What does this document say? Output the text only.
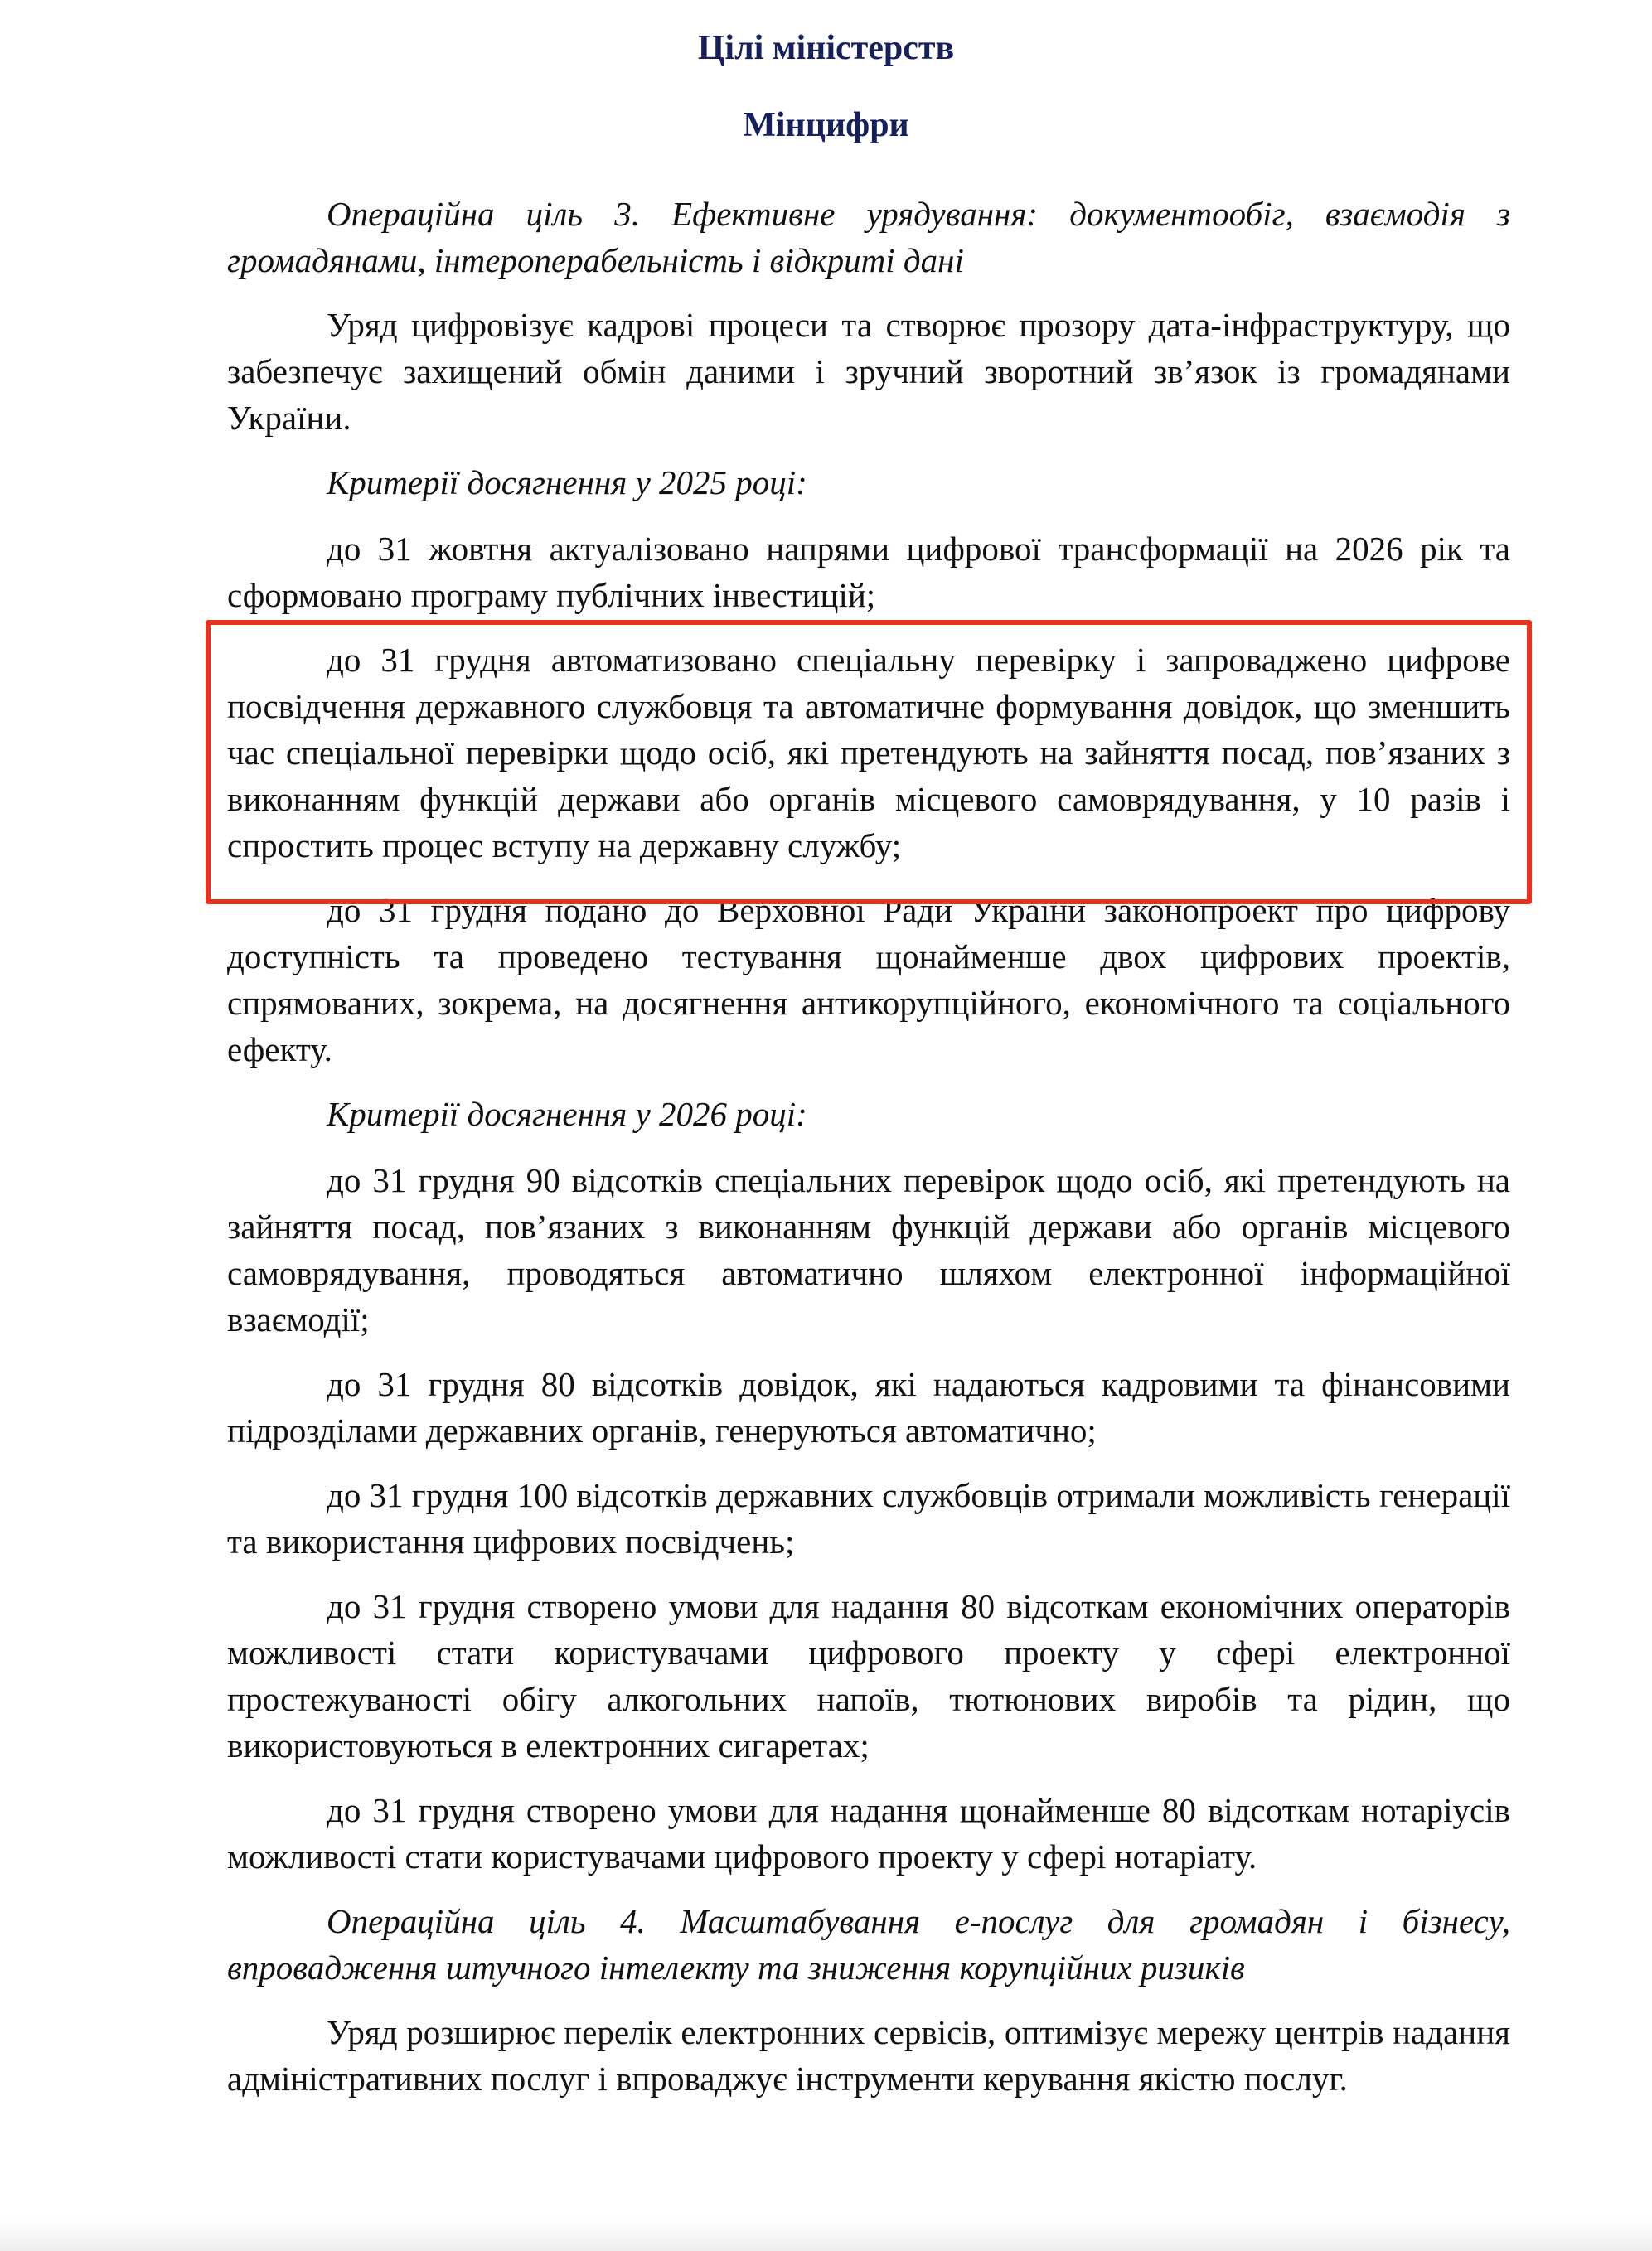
Цілі міністерств
Мінцифри

Операційна ціль 3. Ефективне урядування: документообіг, взаємодія з громадянами, інтероперабельність і відкриті дані

Уряд цифровізує кадрові процеси та створює прозору дата-інфраструктуру, що забезпечує захищений обмін даними і зручний зворотний зв’язок із громадянами України.

Критерії досягнення у 2025 році:

до 31 жовтня актуалізовано напрями цифрової трансформації на 2026 рік та сформовано програму публічних інвестицій;

до 31 грудня автоматизовано спеціальну перевірку і запроваджено цифрове посвідчення державного службовця та автоматичне формування довідок, що зменшить час спеціальної перевірки щодо осіб, які претендують на зайняття посад, пов’язаних з виконанням функцій держави або органів місцевого самоврядування, у 10 разів і спростить процес вступу на державну службу;

до 31 грудня подано до Верховної Ради України законопроект про цифрову доступність та проведено тестування щонайменше двох цифрових проектів, спрямованих, зокрема, на досягнення антикорупційного, економічного та соціального ефекту.

Критерії досягнення у 2026 році:

до 31 грудня 90 відсотків спеціальних перевірок щодо осіб, які претендують на зайняття посад, пов’язаних з виконанням функцій держави або органів місцевого самоврядування, проводяться автоматично шляхом електронної інформаційної взаємодії;

до 31 грудня 80 відсотків довідок, які надаються кадровими та фінансовими підрозділами державних органів, генеруються автоматично;

до 31 грудня 100 відсотків державних службовців отримали можливість генерації та використання цифрових посвідчень;

до 31 грудня створено умови для надання 80 відсоткам економічних операторів можливості стати користувачами цифрового проекту у сфері електронної простежуваності обігу алкогольних напоїв, тютюнових виробів та рідин, що використовуються в електронних сигаретах;

до 31 грудня створено умови для надання щонайменше 80 відсоткам нотаріусів можливості стати користувачами цифрового проекту у сфері нотаріату.

Операційна ціль 4. Масштабування е-послуг для громадян і бізнесу, впровадження штучного інтелекту та зниження корупційних ризиків

Уряд розширює перелік електронних сервісів, оптимізує мережу центрів надання адміністративних послуг і впроваджує інструменти керування якістю послуг.
